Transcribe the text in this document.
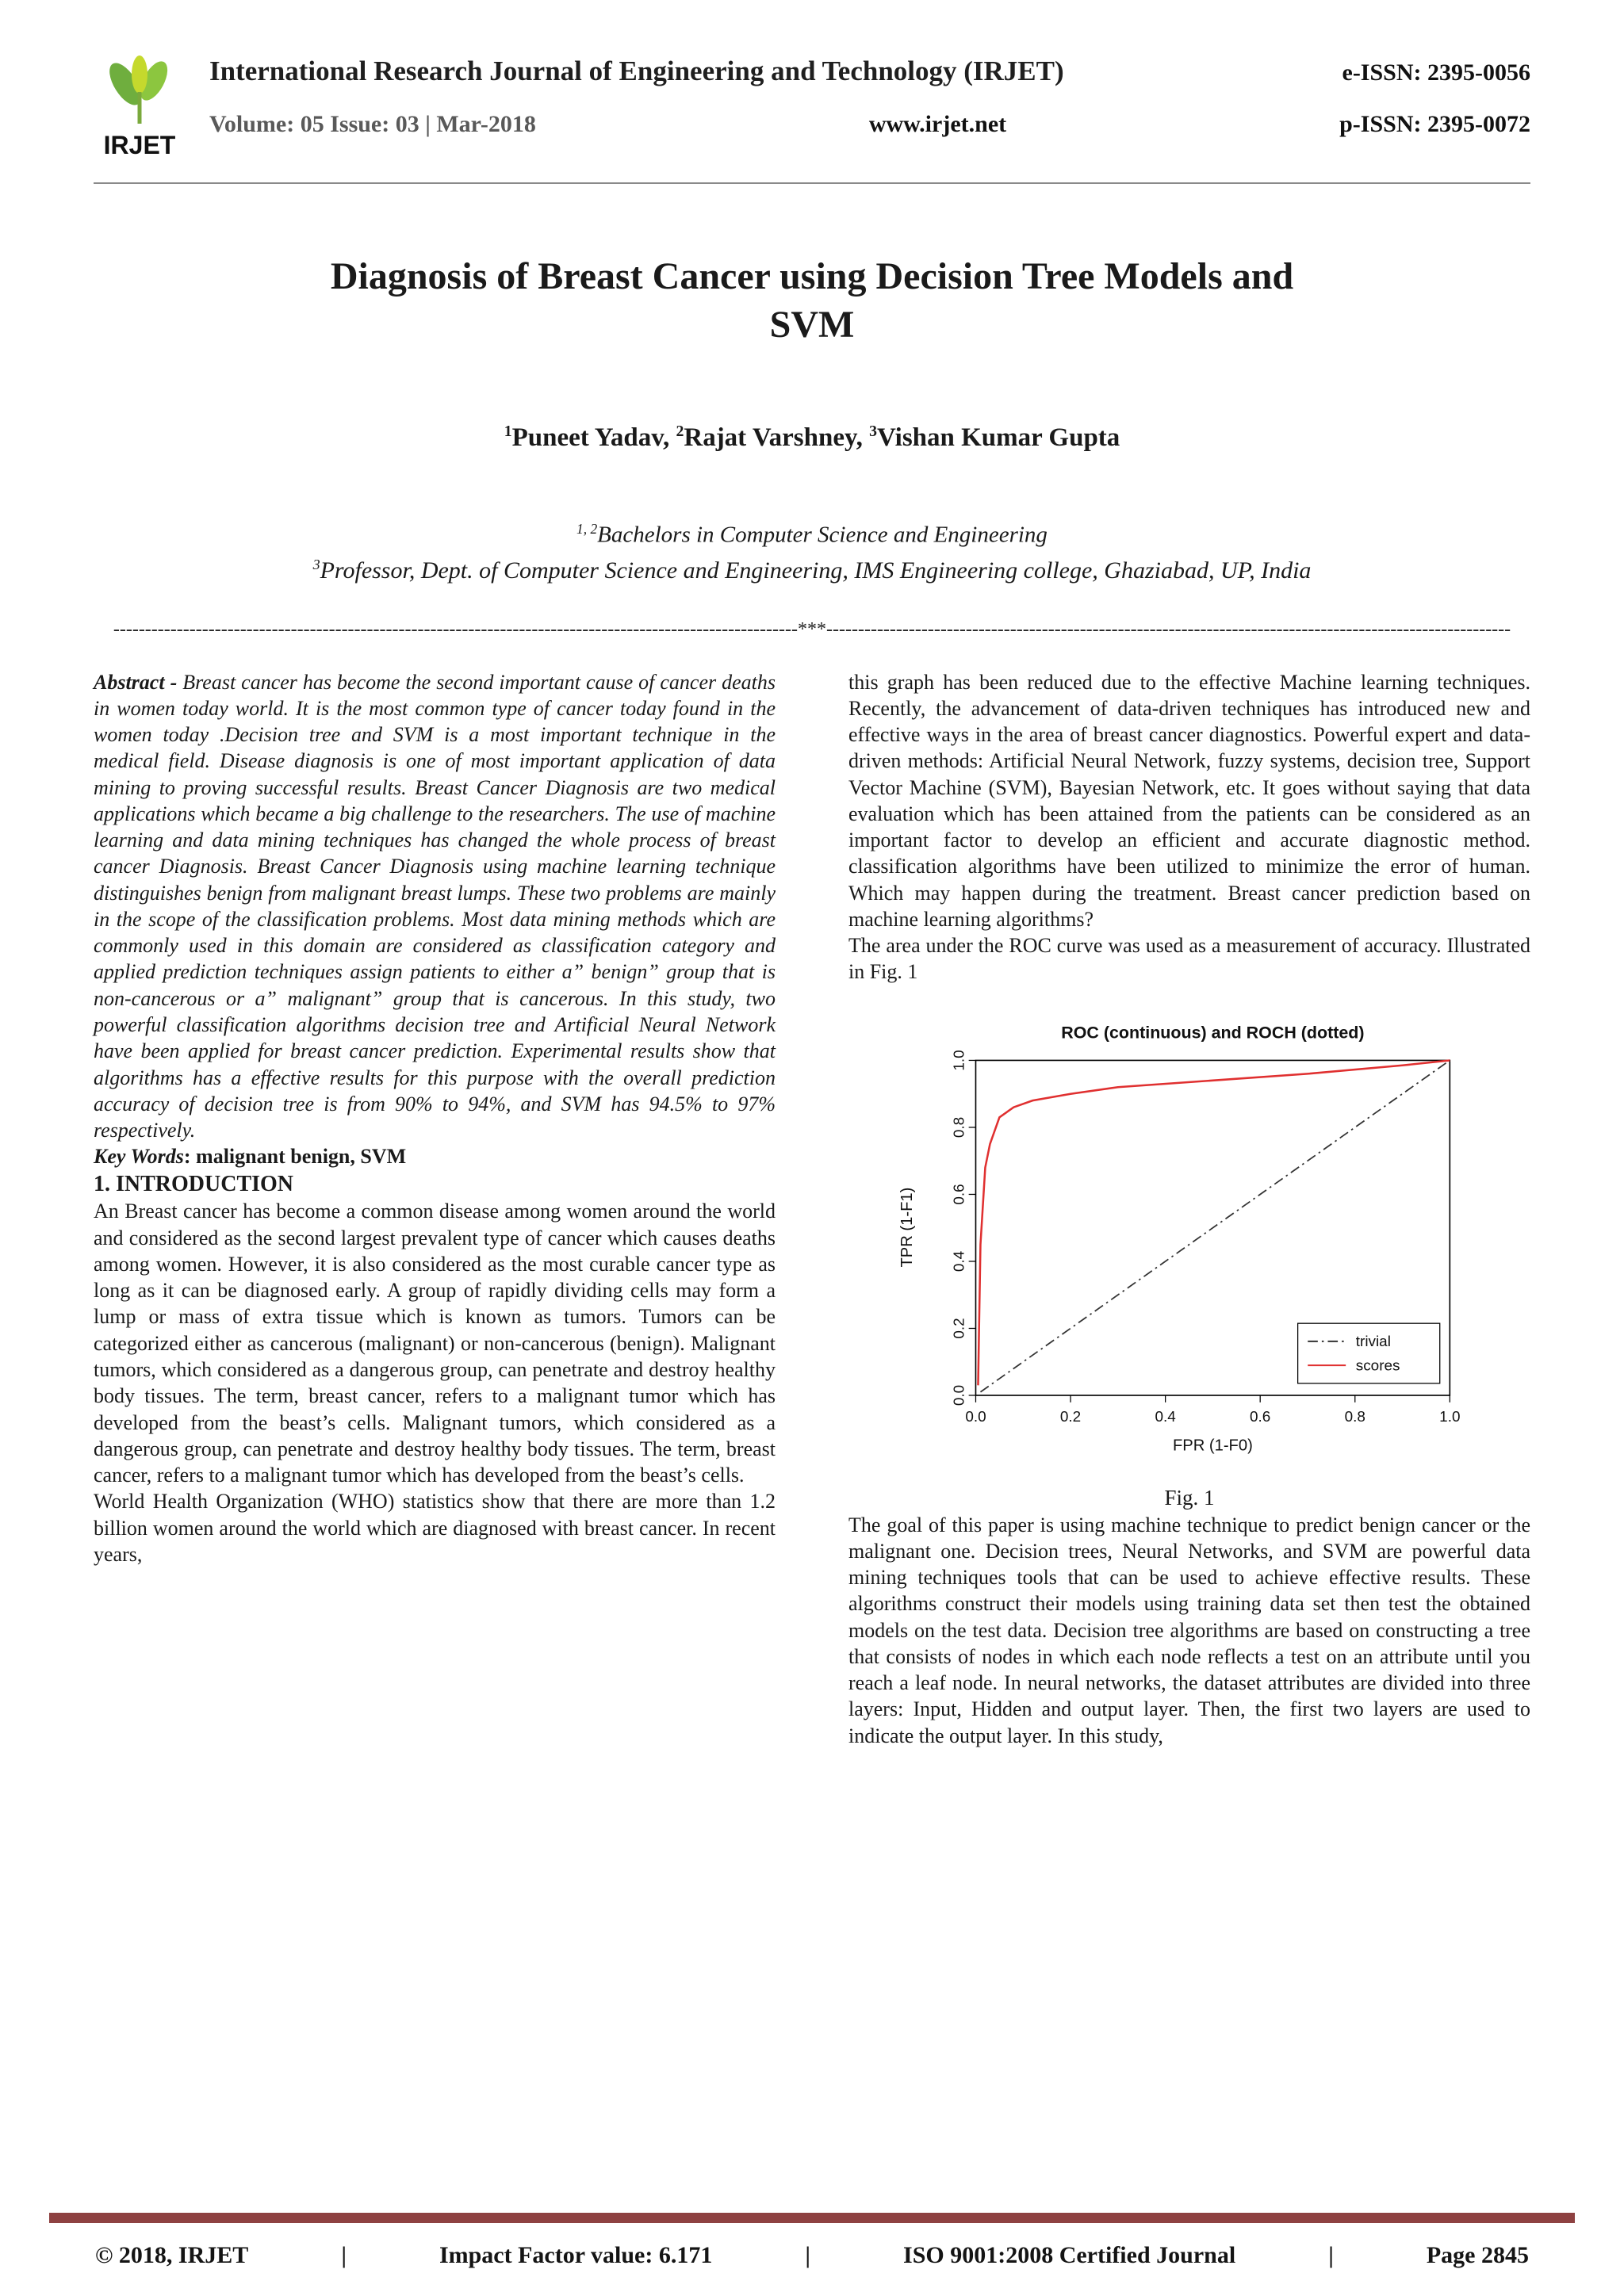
IRJET
International Research Journal of Engineering and Technology (IRJET)	e-ISSN: 2395-0056
Volume: 05 Issue: 03 | Mar-2018	www.irjet.net	p-ISSN: 2395-0072
Diagnosis of Breast Cancer using Decision Tree Models and
SVM
$^1$Puneet Yadav, $^2$Rajat Varshney, $^3$Vishan Kumar Gupta
$^{1, 2}$Bachelors in Computer Science and Engineering
$^3$Professor, Dept. of Computer Science and Engineering, IMS Engineering college, Ghaziabad, UP, India
------------------------------------------------------------------------------------------------------------***------------------------------------------------------------------------------------------------------------

Abstract - Breast cancer has become the second important cause of cancer deaths in women today world. It is the most common type of cancer today found in the women today .Decision tree and SVM is a most important technique in the medical field. Disease diagnosis is one of most important application of data mining to proving successful results. Breast Cancer Diagnosis are two medical applications which became a big challenge to the researchers. The use of machine learning and data mining techniques has changed the whole process of breast cancer Diagnosis. Breast Cancer Diagnosis using machine learning technique distinguishes benign from malignant breast lumps. These two problems are mainly in the scope of the classification problems. Most data mining methods which are commonly used in this domain are considered as classification category and applied prediction techniques assign patients to either a” benign” group that is non-cancerous or a” malignant” group that is cancerous. In this study, two powerful classification algorithms decision tree and Artificial Neural Network have been applied for breast cancer prediction. Experimental results show that algorithms has a effective results for this purpose with the overall prediction accuracy of decision tree is from 90% to 94%, and SVM has 94.5% to 97% respectively.

Key Words: malignant benign, SVM

1. INTRODUCTION

An Breast cancer has become a common disease among women around the world and considered as the second largest prevalent type of cancer which causes deaths among women. However, it is also considered as the most curable cancer type as long as it can be diagnosed early. A group of rapidly dividing cells may form a lump or mass of extra tissue which is known as tumors. Tumors can be categorized either as cancerous (malignant) or non-cancerous (benign). Malignant tumors, which considered as a dangerous group, can penetrate and destroy healthy body tissues. The term, breast cancer, refers to a malignant tumor which has developed from the beast’s cells. Malignant tumors, which considered as a dangerous group, can penetrate and destroy healthy body tissues. The term, breast cancer, refers to a malignant tumor which has developed from the beast’s cells.

World Health Organization (WHO) statistics show that there are more than 1.2 billion women around the world which are diagnosed with breast cancer. In recent years,

this graph has been reduced due to the effective Machine learning techniques. Recently, the advancement of data-driven techniques has introduced new and effective ways in the area of breast cancer diagnostics. Powerful expert and data-driven methods: Artificial Neural Network, fuzzy systems, decision tree, Support Vector Machine (SVM), Bayesian Network, etc. It goes without saying that data evaluation which has been attained from the patients can be considered as an important factor to develop an efficient and accurate diagnostic method. classification algorithms have been utilized to minimize the error of human. Which may happen during the treatment. Breast cancer prediction based on machine learning algorithms?

The area under the ROC curve was used as a measurement of accuracy. Illustrated in Fig. 1

ROC (continuous) and ROCH (dotted)
FPR (1-F0)
TPR (1-F1)
0.0	0.2	0.4	0.6	0.8	1.0
0.0
0.2
0.4
0.6
0.8
1.0
trivial
scores
Fig. 1

The goal of this paper is using machine technique to predict benign cancer or the malignant one. Decision trees, Neural Networks, and SVM are powerful data mining techniques tools that can be used to achieve effective results. These algorithms construct their models using training data set then test the obtained models on the test data. Decision tree algorithms are based on constructing a tree that consists of nodes in which each node reflects a test on an attribute until you reach a leaf node. In neural networks, the dataset attributes are divided into three layers: Input, Hidden and output layer. Then, the first two layers are used to indicate the output layer. In this study,

© 2018, IRJET	|	Impact Factor value: 6.171	|	ISO 9001:2008 Certified Journal	|	Page 2845
